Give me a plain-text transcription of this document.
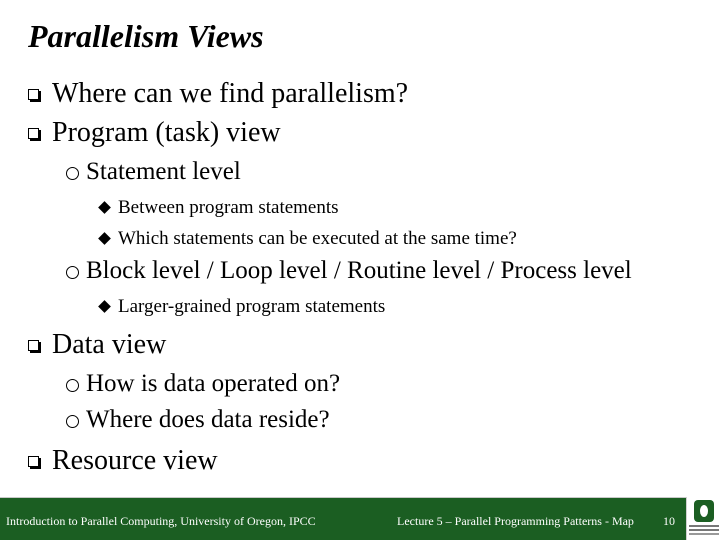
Parallelism Views
Where can we find parallelism?
Program (task) view
Statement level
Between program statements
Which statements can be executed at the same time?
Block level / Loop level / Routine level / Process level
Larger-grained program statements
Data view
How is data operated on?
Where does data reside?
Resource view
Introduction to Parallel Computing, University of Oregon, IPCC	Lecture 5 – Parallel Programming Patterns - Map 10
